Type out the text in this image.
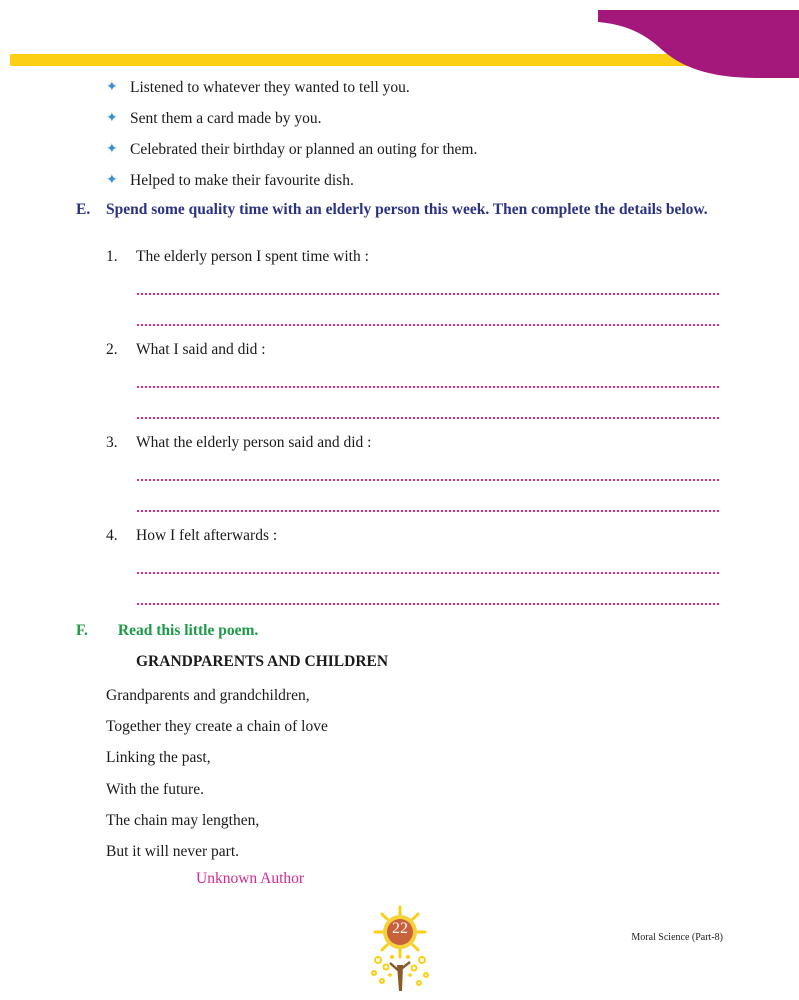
✦ Listened to whatever they wanted to tell you.
✦ Sent them a card made by you.
✦ Celebrated their birthday or planned an outing for them.
✦ Helped to make their favourite dish.
E. Spend some quality time with an elderly person this week. Then complete the details below.
1. The elderly person I spent time with :
2. What I said and did :
3. What the elderly person said and did :
4. How I felt afterwards :
F. Read this little poem.
GRANDPARENTS AND CHILDREN
Grandparents and grandchildren,
Together they create a chain of love
Linking the past,
With the future.
The chain may lengthen,
But it will never part.
Unknown Author
22
Moral Science (Part-8)
